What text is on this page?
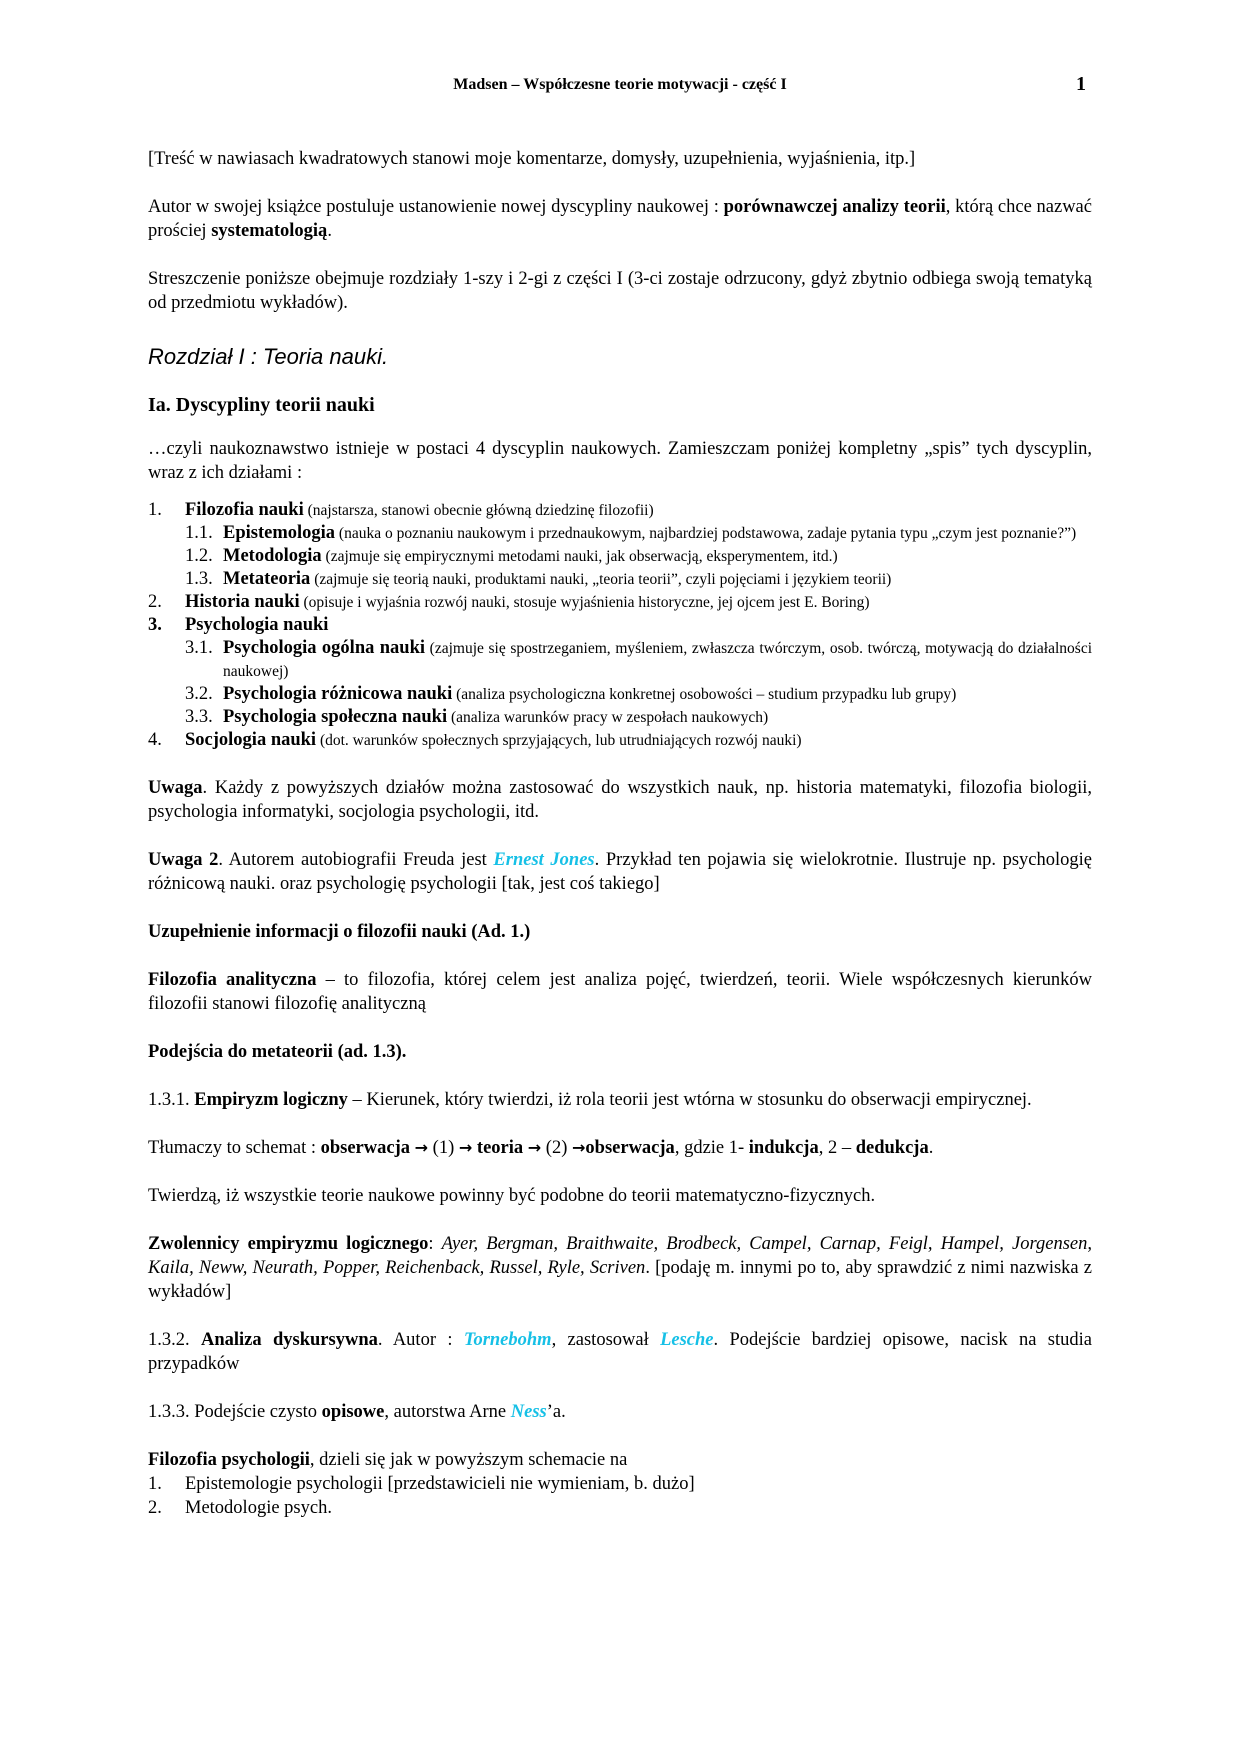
Madsen – Współczesne teorie motywacji - część I	1

[Treść w nawiasach kwadratowych stanowi moje komentarze, domysły, uzupełnienia, wyjaśnienia, itp.]

Autor w swojej książce postuluje ustanowienie nowej dyscypliny naukowej : porównawczej analizy teorii, którą chce nazwać prościej systematologią.

Streszczenie poniższe obejmuje rozdziały 1-szy i 2-gi z części I (3-ci zostaje odrzucony, gdyż zbytnio odbiega swoją tematyką od przedmiotu wykładów).

Rozdział I : Teoria nauki.
Ia. Dyscypliny teorii nauki

…czyli naukoznawstwo istnieje w postaci 4 dyscyplin naukowych. Zamieszczam poniżej kompletny „spis” tych dyscyplin, wraz z ich działami :

1. Filozofia nauki (najstarsza, stanowi obecnie główną dziedzinę filozofii)
1.1. Epistemologia (nauka o poznaniu naukowym i przednaukowym, najbardziej podstawowa, zadaje pytania typu „czym jest poznanie?”)
1.2. Metodologia (zajmuje się empirycznymi metodami nauki, jak obserwacją, eksperymentem, itd.)
1.3. Metateoria (zajmuje się teorią nauki, produktami nauki, „teoria teorii”, czyli pojęciami i językiem teorii)
2. Historia nauki (opisuje i wyjaśnia rozwój nauki, stosuje wyjaśnienia historyczne, jej ojcem jest E. Boring)
3. Psychologia nauki
3.1. Psychologia ogólna nauki (zajmuje się spostrzeganiem, myśleniem, zwłaszcza twórczym, osob. twórczą, motywacją do działalności naukowej)
3.2. Psychologia różnicowa nauki (analiza psychologiczna konkretnej osobowości – studium przypadku lub grupy)
3.3. Psychologia społeczna nauki (analiza warunków pracy w zespołach naukowych)
4. Socjologia nauki (dot. warunków społecznych sprzyjających, lub utrudniających rozwój nauki)

Uwaga. Każdy z powyższych działów można zastosować do wszystkich nauk, np. historia matematyki, filozofia biologii, psychologia informatyki, socjologia psychologii, itd.

Uwaga 2. Autorem autobiografii Freuda jest Ernest Jones. Przykład ten pojawia się wielokrotnie. Ilustruje np. psychologię różnicową nauki. oraz psychologię psychologii [tak, jest coś takiego]

Uzupełnienie informacji o filozofii nauki (Ad. 1.)

Filozofia analityczna – to filozofia, której celem jest analiza pojęć, twierdzeń, teorii. Wiele współczesnych kierunków filozofii stanowi filozofię analityczną

Podejścia do metateorii (ad. 1.3).

1.3.1. Empiryzm logiczny – Kierunek, który twierdzi, iż rola teorii jest wtórna w stosunku do obserwacji empirycznej.

Tłumaczy to schemat : obserwacja → (1) → teoria → (2) →obserwacja, gdzie 1- indukcja, 2 – dedukcja.

Twierdzą, iż wszystkie teorie naukowe powinny być podobne do teorii matematyczno-fizycznych.

Zwolennicy empiryzmu logicznego: Ayer, Bergman, Braithwaite, Brodbeck, Campel, Carnap, Feigl, Hampel, Jorgensen, Kaila, Neww, Neurath, Popper, Reichenback, Russel, Ryle, Scriven. [podaję m. innymi po to, aby sprawdzić z nimi nazwiska z wykładów]

1.3.2. Analiza dyskursywna. Autor : Tornebohm, zastosował Lesche. Podejście bardziej opisowe, nacisk na studia przypadków

1.3.3. Podejście czysto opisowe, autorstwa Arne Ness’a.

Filozofia psychologii, dzieli się jak w powyższym schemacie na

1. Epistemologie psychologii [przedstawicieli nie wymieniam, b. dużo]
2. Metodologie psych.
